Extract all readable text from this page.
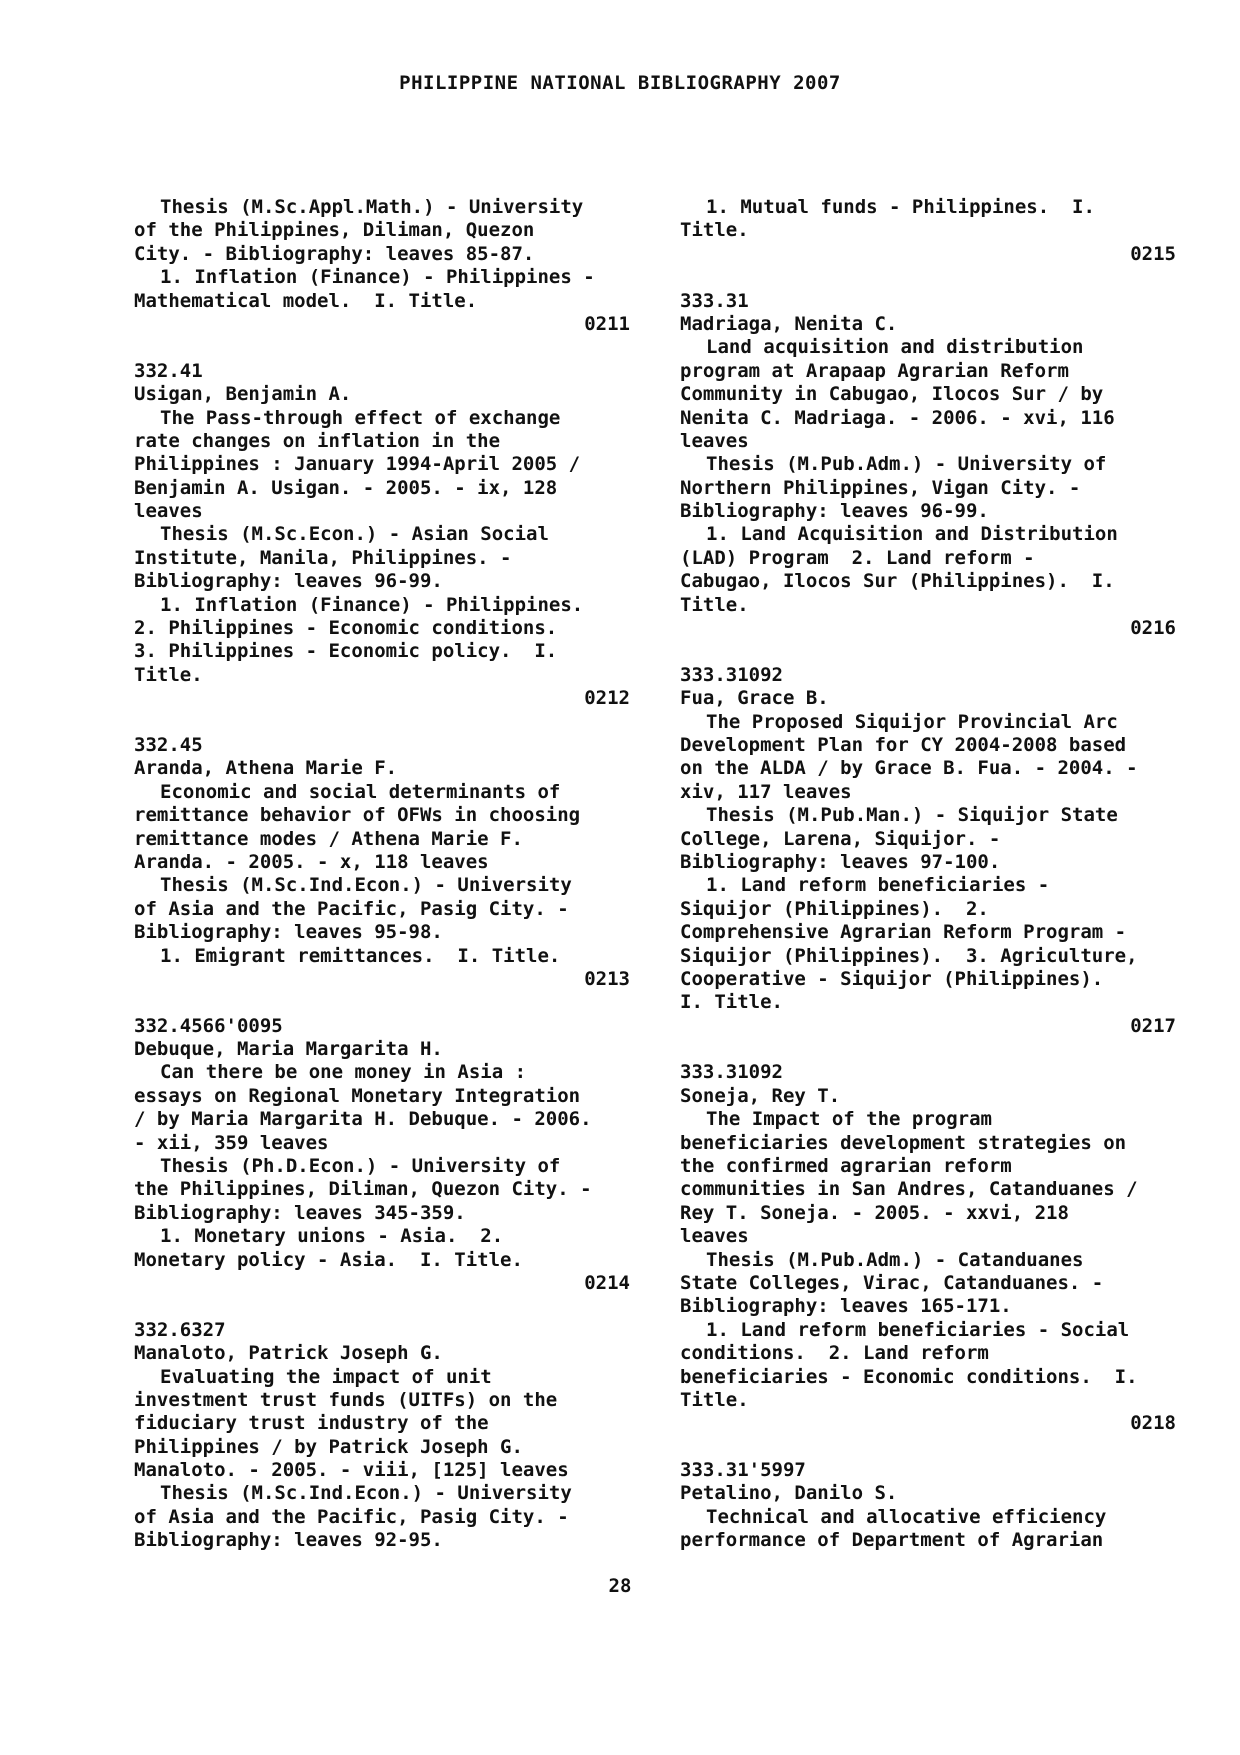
PHILIPPINE NATIONAL BIBLIOGRAPHY 2007
Thesis (M.Sc.Appl.Math.) - University
of the Philippines, Diliman, Quezon
City. - Bibliography: leaves 85-87.
1. Inflation (Finance) - Philippines -
Mathematical model.  I. Title.
0211
332.41
Usigan, Benjamin A.
The Pass-through effect of exchange
rate changes on inflation in the
Philippines : January 1994-April 2005 /
Benjamin A. Usigan. - 2005. - ix, 128
leaves
Thesis (M.Sc.Econ.) - Asian Social
Institute, Manila, Philippines. -
Bibliography: leaves 96-99.
1. Inflation (Finance) - Philippines.
2. Philippines - Economic conditions.
3. Philippines - Economic policy.  I.
Title.
0212
332.45
Aranda, Athena Marie F.
Economic and social determinants of
remittance behavior of OFWs in choosing
remittance modes / Athena Marie F.
Aranda. - 2005. - x, 118 leaves
Thesis (M.Sc.Ind.Econ.) - University
of Asia and the Pacific, Pasig City. -
Bibliography: leaves 95-98.
1. Emigrant remittances.  I. Title.
0213
332.4566'0095
Debuque, Maria Margarita H.
Can there be one money in Asia :
essays on Regional Monetary Integration
/ by Maria Margarita H. Debuque. - 2006.
- xii, 359 leaves
Thesis (Ph.D.Econ.) - University of
the Philippines, Diliman, Quezon City. -
Bibliography: leaves 345-359.
1. Monetary unions - Asia.  2.
Monetary policy - Asia.  I. Title.
0214
332.6327
Manaloto, Patrick Joseph G.
Evaluating the impact of unit
investment trust funds (UITFs) on the
fiduciary trust industry of the
Philippines / by Patrick Joseph G.
Manaloto. - 2005. - viii, [125] leaves
Thesis (M.Sc.Ind.Econ.) - University
of Asia and the Pacific, Pasig City. -
Bibliography: leaves 92-95.
1. Mutual funds - Philippines.  I.
Title.
0215
333.31
Madriaga, Nenita C.
Land acquisition and distribution
program at Arapaap Agrarian Reform
Community in Cabugao, Ilocos Sur / by
Nenita C. Madriaga. - 2006. - xvi, 116
leaves
Thesis (M.Pub.Adm.) - University of
Northern Philippines, Vigan City. -
Bibliography: leaves 96-99.
1. Land Acquisition and Distribution
(LAD) Program  2. Land reform -
Cabugao, Ilocos Sur (Philippines).  I.
Title.
0216
333.31092
Fua, Grace B.
The Proposed Siquijor Provincial Arc
Development Plan for CY 2004-2008 based
on the ALDA / by Grace B. Fua. - 2004. -
xiv, 117 leaves
Thesis (M.Pub.Man.) - Siquijor State
College, Larena, Siquijor. -
Bibliography: leaves 97-100.
1. Land reform beneficiaries -
Siquijor (Philippines).  2.
Comprehensive Agrarian Reform Program -
Siquijor (Philippines).  3. Agriculture,
Cooperative - Siquijor (Philippines).
I. Title.
0217
333.31092
Soneja, Rey T.
The Impact of the program
beneficiaries development strategies on
the confirmed agrarian reform
communities in San Andres, Catanduanes /
Rey T. Soneja. - 2005. - xxvi, 218
leaves
Thesis (M.Pub.Adm.) - Catanduanes
State Colleges, Virac, Catanduanes. -
Bibliography: leaves 165-171.
1. Land reform beneficiaries - Social
conditions.  2. Land reform
beneficiaries - Economic conditions.  I.
Title.
0218
333.31'5997
Petalino, Danilo S.
Technical and allocative efficiency
performance of Department of Agrarian
28
